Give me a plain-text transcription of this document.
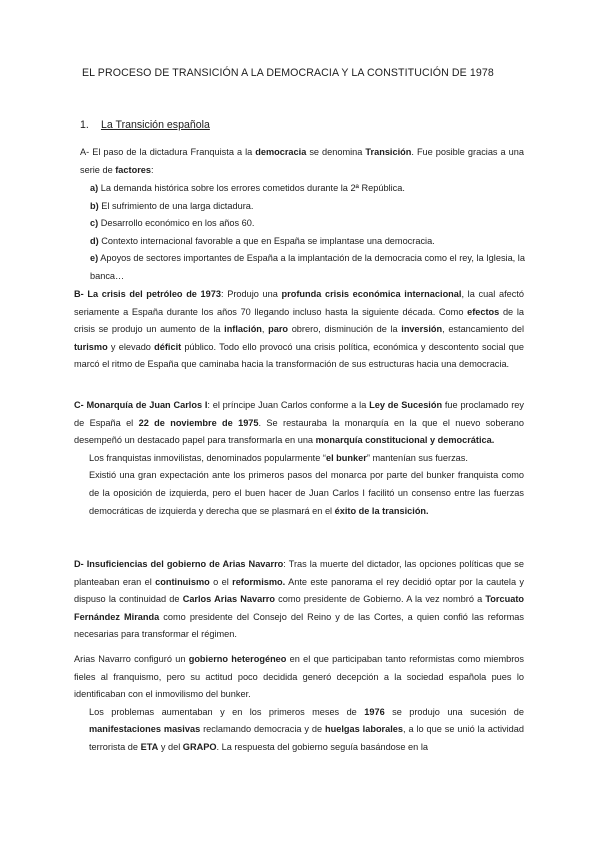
EL PROCESO DE TRANSICIÓN A LA DEMOCRACIA Y LA CONSTITUCIÓN DE 1978
1. La Transición española

A- El paso de la dictadura Franquista a la democracia se denomina Transición. Fue posible gracias a una serie de factores:

a) La demanda histórica sobre los errores cometidos durante la 2ª República.

b) El sufrimiento de una larga dictadura.

c) Desarrollo económico en los años 60.

d) Contexto internacional favorable a que en España se implantase una democracia.

e) Apoyos de sectores importantes de España a la implantación de la democracia como el rey, la Iglesia, la banca…

B- La crisis del petróleo de 1973: Produjo una profunda crisis económica internacional, la cual afectó seriamente a España durante los años 70 llegando incluso hasta la siguiente década. Como efectos de la crisis se produjo un aumento de la inflación, paro obrero, disminución de la inversión, estancamiento del turismo y elevado déficit público. Todo ello provocó una crisis política, económica y descontento social que marcó el ritmo de España que caminaba hacia la transformación de sus estructuras hacia una democracia.

C- Monarquía de Juan Carlos I: el príncipe Juan Carlos conforme a la Ley de Sucesión fue proclamado rey de España el 22 de noviembre de 1975. Se restauraba la monarquía en la que el nuevo soberano desempeñó un destacado papel para transformarla en una monarquía constitucional y democrática.

Los franquistas inmovilistas, denominados popularmente “el bunker” mantenían sus fuerzas.

Existió una gran expectación ante los primeros pasos del monarca por parte del bunker franquista como de la oposición de izquierda, pero el buen hacer de Juan Carlos I facilitó un consenso entre las fuerzas democráticas de izquierda y derecha que se plasmará en el éxito de la transición.

D- Insuficiencias del gobierno de Arias Navarro: Tras la muerte del dictador, las opciones políticas que se planteaban eran el continuismo o el reformismo. Ante este panorama el rey decidió optar por la cautela y dispuso la continuidad de Carlos Arias Navarro como presidente de Gobierno. A la vez nombró a Torcuato Fernández Miranda como presidente del Consejo del Reino y de las Cortes, a quien confió las reformas necesarias para transformar el régimen.

Arias Navarro configuró un gobierno heterogéneo en el que participaban tanto reformistas como miembros fieles al franquismo, pero su actitud poco decidida generó decepción a la sociedad española pues lo identificaban con el inmovilismo del bunker.

Los problemas aumentaban y en los primeros meses de 1976 se produjo una sucesión de manifestaciones masivas reclamando democracia y de huelgas laborales, a lo que se unió la actividad terrorista de ETA y del GRAPO. La respuesta del gobierno seguía basándose en la
